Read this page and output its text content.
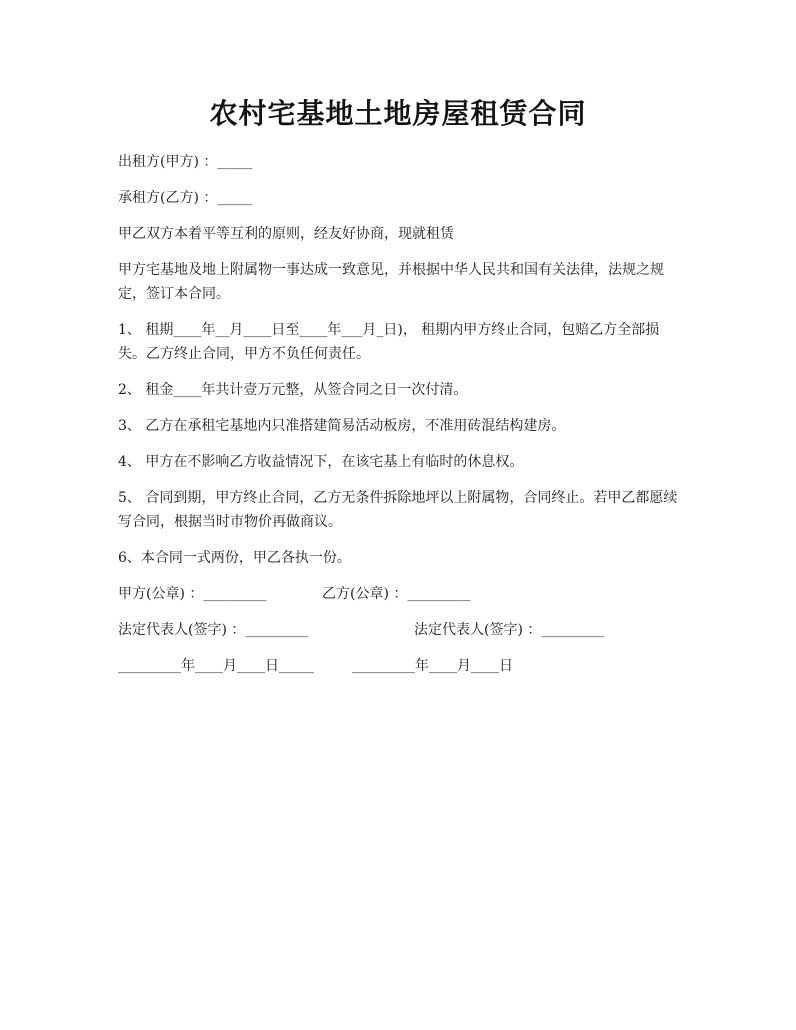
农村宅基地土地房屋租赁合同
出租方(甲方) ：_____
承租方(乙方) ：_____
甲乙双方本着平等互利的原则，经友好协商，现就租赁
甲方宅基地及地上附属物一事达成一致意见，并根据中华人民共和国有关法律，法规之规定，签订本合同。
1、 租期____年__月____日至____年___月_日)， 租期内甲方终止合同，包赔乙方全部损失。乙方终止合同，甲方不负任何责任。
2、 租金____年共计壹万元整，从签合同之日一次付清。
3、 乙方在承租宅基地内只准搭建简易活动板房，不准用砖混结构建房。
4、 甲方在不影响乙方收益情况下，在该宅基上有临时的休息权。
5、 合同到期，甲方终止合同，乙方无条件拆除地坪以上附属物，合同终止。若甲乙都愿续写合同，根据当时市物价再做商议。
6、本合同一式两份，甲乙各执一份。
甲方(公章) ：_________	乙方(公章) ：_________
法定代表人(签字) ：_________	法定代表人(签字) ：_________
_________年____月____日_____	_________年____月____日
